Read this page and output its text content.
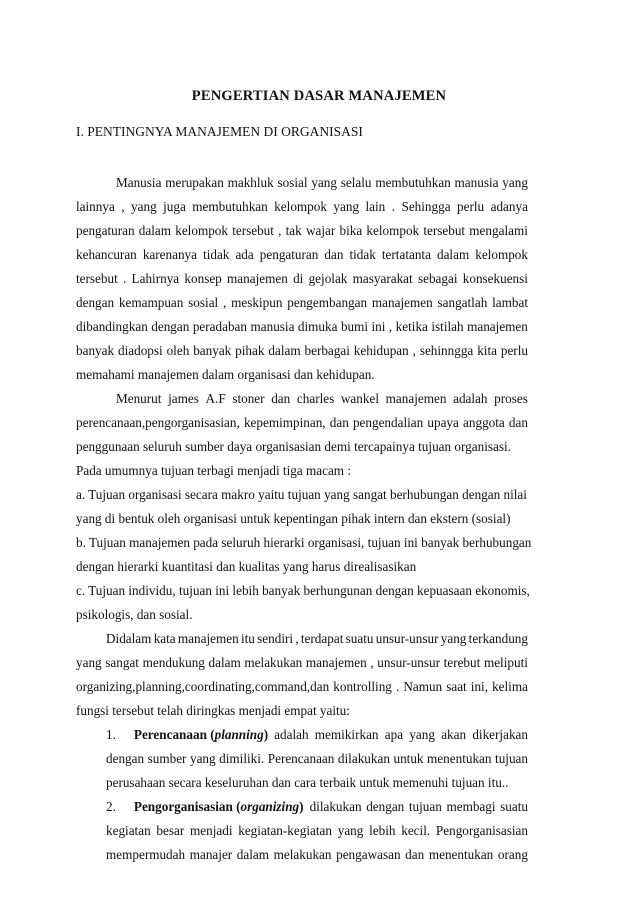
PENGERTIAN DASAR MANAJEMEN
I. PENTINGNYA MANAJEMEN DI ORGANISASI
Manusia merupakan makhluk sosial yang selalu membutuhkan manusia yang
lainnya , yang juga membutuhkan kelompok yang lain . Sehingga perlu adanya
pengaturan dalam kelompok tersebut , tak wajar bika kelompok tersebut mengalami
kehancuran karenanya tidak ada pengaturan dan tidak tertatanta dalam kelompok
tersebut . Lahirnya konsep manajemen di gejolak masyarakat sebagai konsekuensi
dengan kemampuan sosial , meskipun pengembangan manajemen sangatlah lambat
dibandingkan dengan peradaban manusia dimuka bumi ini , ketika istilah manajemen
banyak diadopsi oleh banyak pihak dalam berbagai kehidupan , sehinngga kita perlu
memahami manajemen dalam organisasi dan kehidupan.
Menurut james A.F stoner dan charles wankel manajemen adalah proses
perencanaan,pengorganisasian, kepemimpinan, dan pengendalian upaya anggota dan
penggunaan seluruh sumber daya organisasian demi tercapainya tujuan organisasi.
Pada umumnya tujuan terbagi menjadi tiga macam :
a. Tujuan organisasi secara makro yaitu tujuan yang sangat berhubungan dengan nilai
yang di bentuk oleh organisasi untuk kepentingan pihak intern dan ekstern (sosial)
b. Tujuan manajemen pada seluruh hierarki organisasi, tujuan ini banyak berhubungan
dengan hierarki kuantitasi dan kualitas yang harus direalisasikan
c. Tujuan individu, tujuan ini lebih banyak berhungunan dengan kepuasaan ekonomis,
psikologis, dan sosial.
Didalam kata manajemen itu sendiri , terdapat suatu unsur-unsur yang terkandung
yang sangat mendukung dalam melakukan manajemen , unsur-unsur terebut meliputi
organizing,planning,coordinating,command,dan kontrolling . Namun saat ini, kelima
fungsi tersebut telah diringkas menjadi empat yaitu:
1. Perencanaan (planning) adalah memikirkan apa yang akan dikerjakan
dengan sumber yang dimiliki. Perencanaan dilakukan untuk menentukan tujuan
perusahaan secara keseluruhan dan cara terbaik untuk memenuhi tujuan itu..
2. Pengorganisasian (organizing) dilakukan dengan tujuan membagi suatu
kegiatan besar menjadi kegiatan-kegiatan yang lebih kecil. Pengorganisasian
mempermudah manajer dalam melakukan pengawasan dan menentukan orang
